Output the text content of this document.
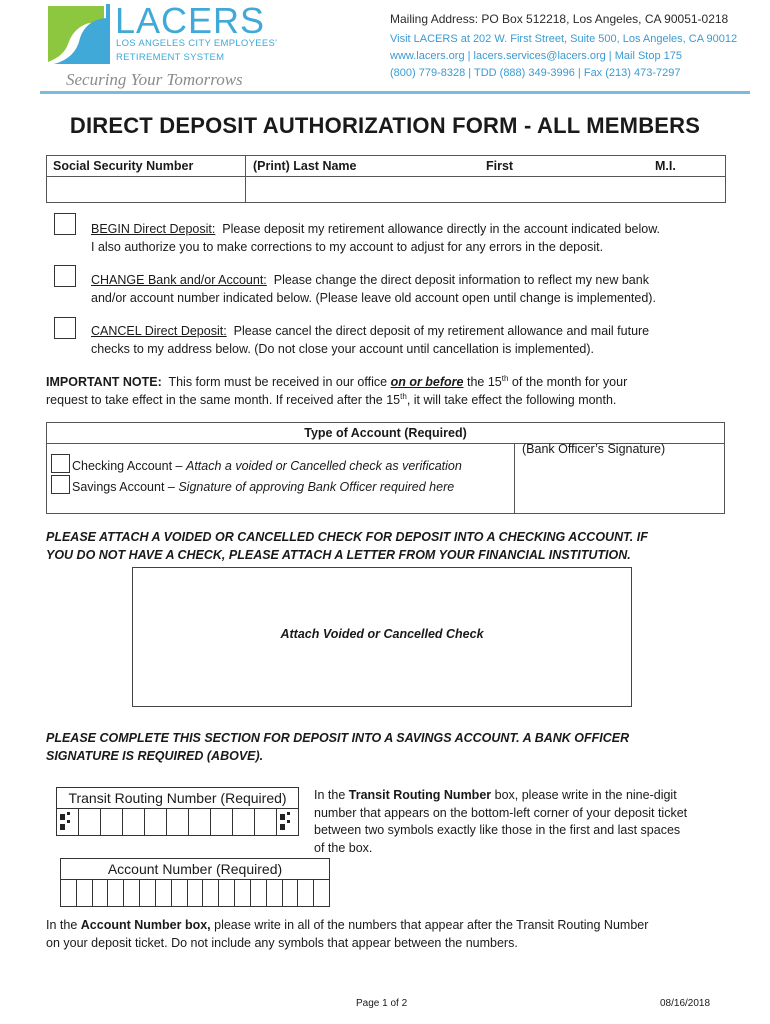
LACERS
LOS ANGELES CITY EMPLOYEES'
RETIREMENT SYSTEM
Securing Your Tomorrows
Mailing Address: PO Box 512218, Los Angeles, CA 90051-0218
Visit LACERS at 202 W. First Street, Suite 500, Los Angeles, CA 90012
www.lacers.org | lacers.services@lacers.org | Mail Stop 175
(800) 779-8328 | TDD (888) 349-3996 | Fax (213) 473-7297
DIRECT DEPOSIT AUTHORIZATION FORM - ALL MEMBERS
Social Security Number	(Print) Last Name	First	M.I.
BEGIN Direct Deposit: Please deposit my retirement allowance directly in the account indicated below.
I also authorize you to make corrections to my account to adjust for any errors in the deposit.
CHANGE Bank and/or Account: Please change the direct deposit information to reflect my new bank
and/or account number indicated below. (Please leave old account open until change is implemented).
CANCEL Direct Deposit: Please cancel the direct deposit of my retirement allowance and mail future
checks to my address below. (Do not close your account until cancellation is implemented).
IMPORTANT NOTE: This form must be received in our office on or before the 15th of the month for your
request to take effect in the same month. If received after the 15th, it will take effect the following month.
Type of Account (Required)
(Bank Officer’s Signature)
Checking Account – Attach a voided or Cancelled check as verification
Savings Account – Signature of approving Bank Officer required here
PLEASE ATTACH A VOIDED OR CANCELLED CHECK FOR DEPOSIT INTO A CHECKING ACCOUNT. IF
YOU DO NOT HAVE A CHECK, PLEASE ATTACH A LETTER FROM YOUR FINANCIAL INSTITUTION.
Attach Voided or Cancelled Check
PLEASE COMPLETE THIS SECTION FOR DEPOSIT INTO A SAVINGS ACCOUNT. A BANK OFFICER
SIGNATURE IS REQUIRED (ABOVE).
Transit Routing Number (Required)	In the Transit Routing Number box, please write in the nine-digit
number that appears on the bottom-left corner of your deposit ticket
between two symbols exactly like those in the first and last spaces
of the box.
Account Number (Required)
In the Account Number box, please write in all of the numbers that appear after the Transit Routing Number
on your deposit ticket. Do not include any symbols that appear between the numbers.
Page 1 of 2	08/16/2018
